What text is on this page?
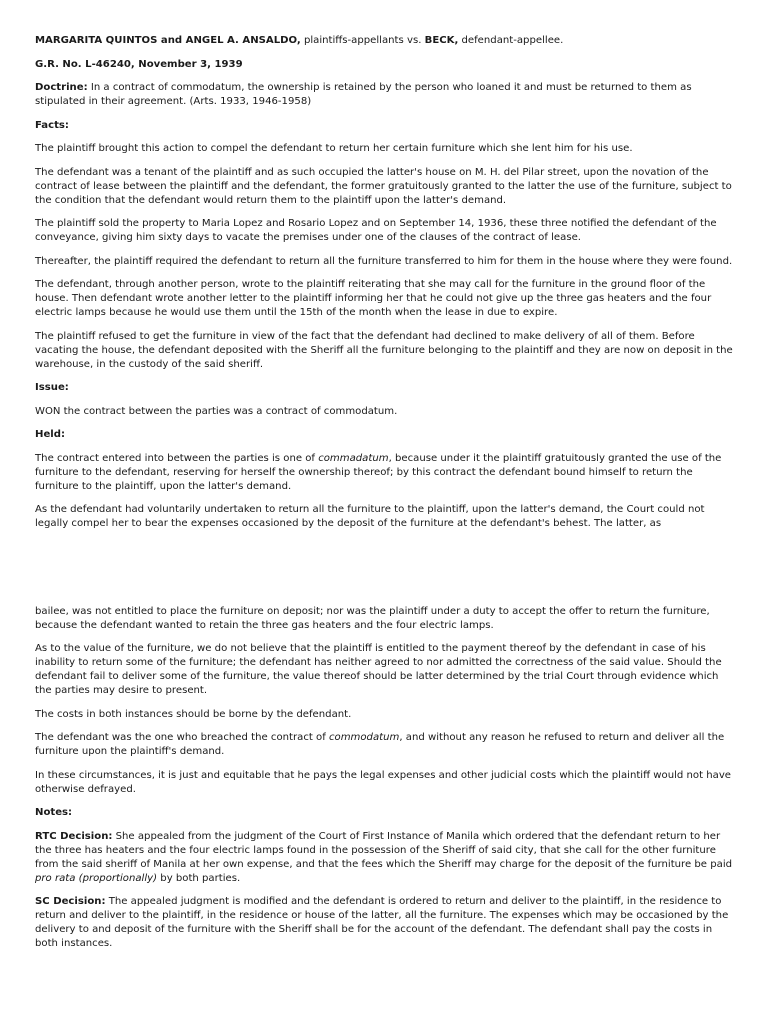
MARGARITA QUINTOS and ANGEL A. ANSALDO, plaintiffs-appellants vs. BECK, defendant-appellee.

G.R. No. L-46240, November 3, 1939

Doctrine: In a contract of commodatum, the ownership is retained by the person who loaned it and must be returned to them as stipulated in their agreement. (Arts. 1933, 1946-1958)

Facts:

The plaintiff brought this action to compel the defendant to return her certain furniture which she lent him for his use.

The defendant was a tenant of the plaintiff and as such occupied the latter's house on M. H. del Pilar street, upon the novation of the contract of lease between the plaintiff and the defendant, the former gratuitously granted to the latter the use of the furniture, subject to the condition that the defendant would return them to the plaintiff upon the latter's demand.

The plaintiff sold the property to Maria Lopez and Rosario Lopez and on September 14, 1936, these three notified the defendant of the conveyance, giving him sixty days to vacate the premises under one of the clauses of the contract of lease.

Thereafter, the plaintiff required the defendant to return all the furniture transferred to him for them in the house where they were found.

The defendant, through another person, wrote to the plaintiff reiterating that she may call for the furniture in the ground floor of the house. Then defendant wrote another letter to the plaintiff informing her that he could not give up the three gas heaters and the four electric lamps because he would use them until the 15th of the month when the lease in due to expire.

The plaintiff refused to get the furniture in view of the fact that the defendant had declined to make delivery of all of them. Before vacating the house, the defendant deposited with the Sheriff all the furniture belonging to the plaintiff and they are now on deposit in the warehouse, in the custody of the said sheriff.

Issue:

WON the contract between the parties was a contract of commodatum.

Held:

The contract entered into between the parties is one of commadatum, because under it the plaintiff gratuitously granted the use of the furniture to the defendant, reserving for herself the ownership thereof; by this contract the defendant bound himself to return the furniture to the plaintiff, upon the latter's demand.

As the defendant had voluntarily undertaken to return all the furniture to the plaintiff, upon the latter's demand, the Court could not legally compel her to bear the expenses occasioned by the deposit of the furniture at the defendant's behest. The latter, as

bailee, was not entitled to place the furniture on deposit; nor was the plaintiff under a duty to accept the offer to return the furniture, because the defendant wanted to retain the three gas heaters and the four electric lamps.

As to the value of the furniture, we do not believe that the plaintiff is entitled to the payment thereof by the defendant in case of his inability to return some of the furniture; the defendant has neither agreed to nor admitted the correctness of the said value. Should the defendant fail to deliver some of the furniture, the value thereof should be latter determined by the trial Court through evidence which the parties may desire to present.

The costs in both instances should be borne by the defendant.

The defendant was the one who breached the contract of commodatum, and without any reason he refused to return and deliver all the furniture upon the plaintiff's demand.

In these circumstances, it is just and equitable that he pays the legal expenses and other judicial costs which the plaintiff would not have otherwise defrayed.

Notes:

RTC Decision: She appealed from the judgment of the Court of First Instance of Manila which ordered that the defendant return to her the three has heaters and the four electric lamps found in the possession of the Sheriff of said city, that she call for the other furniture from the said sheriff of Manila at her own expense, and that the fees which the Sheriff may charge for the deposit of the furniture be paid pro rata (proportionally) by both parties.

SC Decision: The appealed judgment is modified and the defendant is ordered to return and deliver to the plaintiff, in the residence to return and deliver to the plaintiff, in the residence or house of the latter, all the furniture. The expenses which may be occasioned by the delivery to and deposit of the furniture with the Sheriff shall be for the account of the defendant. The defendant shall pay the costs in both instances.
